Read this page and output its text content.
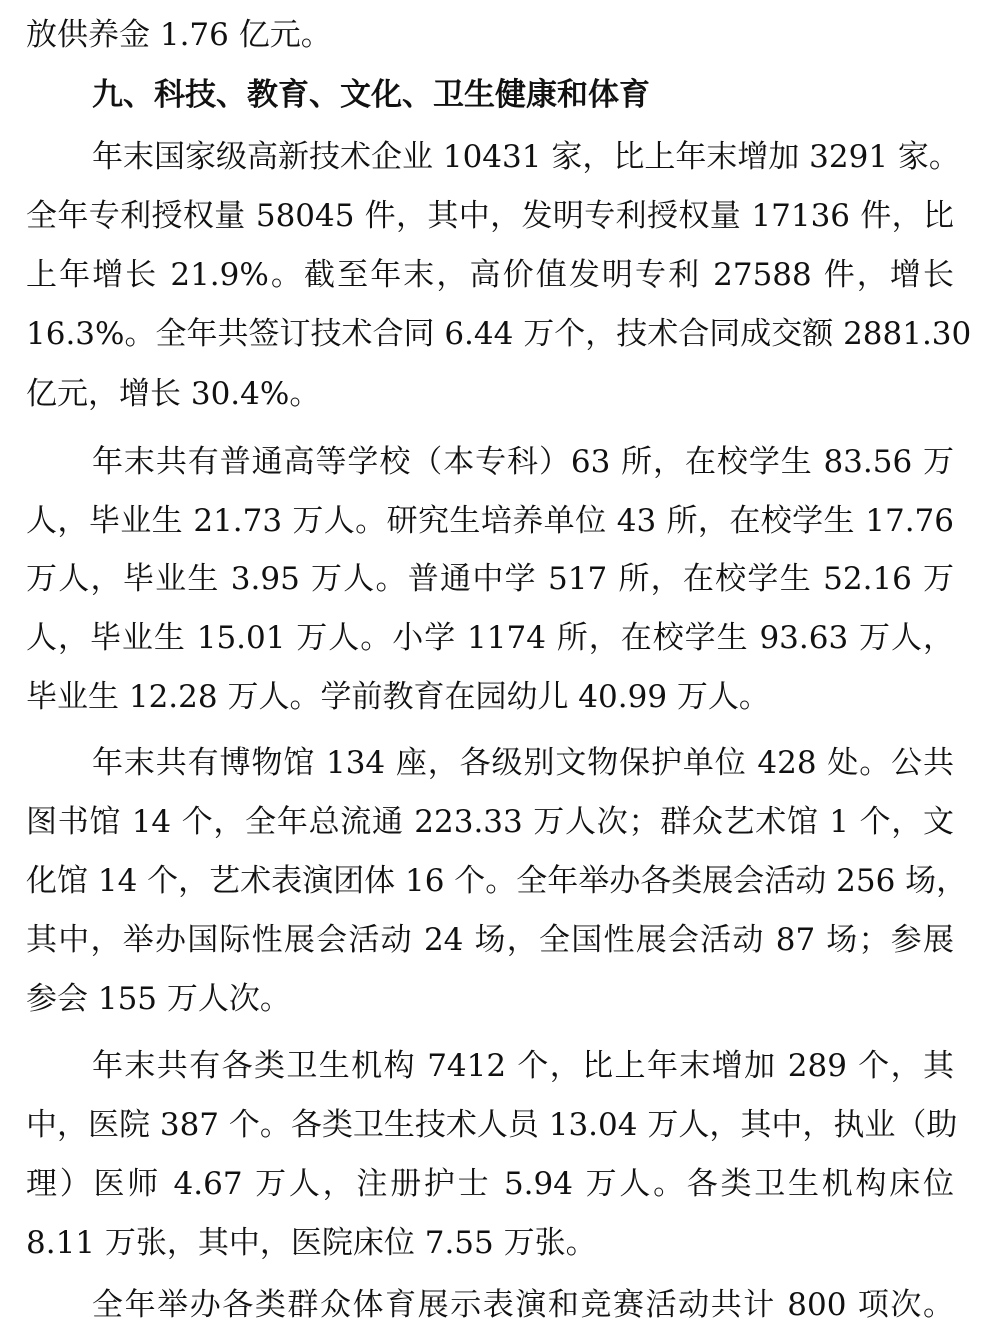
放供养金 1.76 亿元。
九、科技、教育、文化、卫生健康和体育
年末国家级高新技术企业 10431 家，比上年末增加 3291 家。
全年专利授权量 58045 件，其中，发明专利授权量 17136 件，比
上年增长 21.9%。截至年末，高价值发明专利 27588 件，增长
16.3%。全年共签订技术合同 6.44 万个，技术合同成交额 2881.30
亿元，增长 30.4%。
年末共有普通高等学校（本专科）63 所，在校学生 83.56 万
人，毕业生 21.73 万人。研究生培养单位 43 所，在校学生 17.76
万人，毕业生 3.95 万人。普通中学 517 所，在校学生 52.16 万
人，毕业生 15.01 万人。小学 1174 所，在校学生 93.63 万人，
毕业生 12.28 万人。学前教育在园幼儿 40.99 万人。
年末共有博物馆 134 座，各级别文物保护单位 428 处。公共
图书馆 14 个，全年总流通 223.33 万人次；群众艺术馆 1 个，文
化馆 14 个，艺术表演团体 16 个。全年举办各类展会活动 256 场，
其中，举办国际性展会活动 24 场，全国性展会活动 87 场；参展
参会 155 万人次。
年末共有各类卫生机构 7412 个，比上年末增加 289 个，其
中，医院 387 个。各类卫生技术人员 13.04 万人，其中，执业（助
理）医师 4.67 万人，注册护士 5.94 万人。各类卫生机构床位
8.11 万张，其中，医院床位 7.55 万张。
全年举办各类群众体育展示表演和竞赛活动共计 800 项次。
